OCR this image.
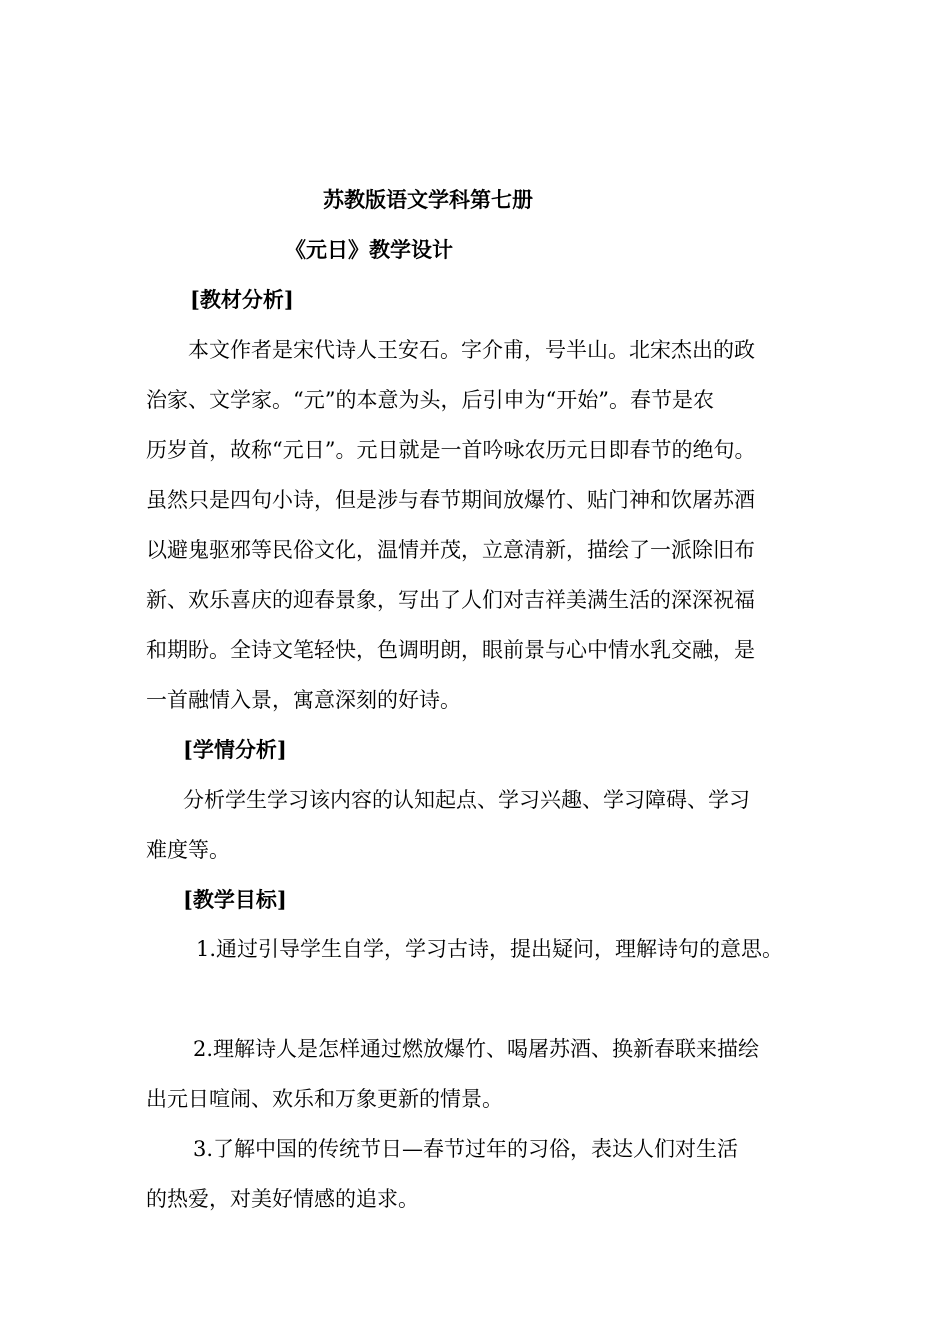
苏教版语文学科第七册
《元日》教学设计
[教材分析]
本文作者是宋代诗人王安石。字介甫，号半山。北宋杰出的政
治家、文学家。“元”的本意为头，后引申为“开始”。春节是农
历岁首，故称“元日”。元日就是一首吟咏农历元日即春节的绝句。
虽然只是四句小诗，但是涉与春节期间放爆竹、贴门神和饮屠苏酒
以避鬼驱邪等民俗文化，温情并茂，立意清新，描绘了一派除旧布
新、欢乐喜庆的迎春景象，写出了人们对吉祥美满生活的深深祝福
和期盼。全诗文笔轻快，色调明朗，眼前景与心中情水乳交融，是
一首融情入景，寓意深刻的好诗。
[学情分析]
分析学生学习该内容的认知起点、学习兴趣、学习障碍、学习
难度等。
[教学目标]
1.通过引导学生自学，学习古诗，提出疑问，理解诗句的意思。
2.理解诗人是怎样通过燃放爆竹、喝屠苏酒、换新春联来描绘
出元日喧闹、欢乐和万象更新的情景。
3.了解中国的传统节日—春节过年的习俗，表达人们对生活
的热爱，对美好情感的追求。
